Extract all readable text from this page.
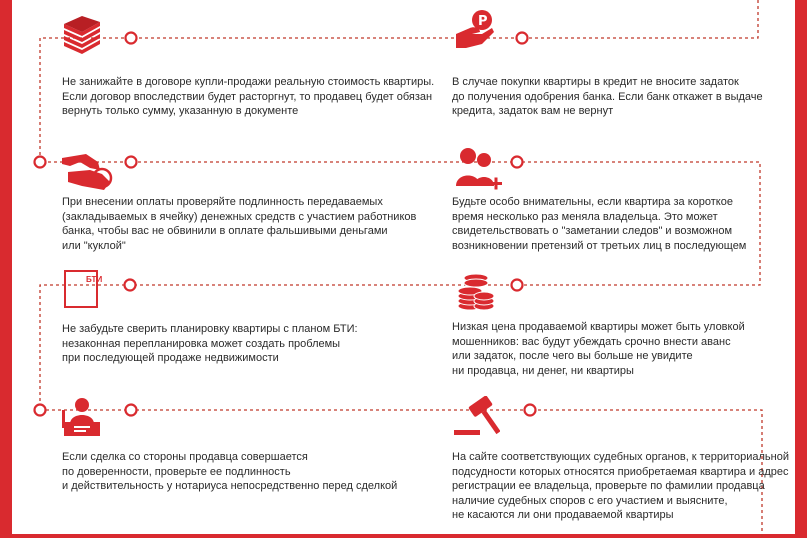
Р
БТИ

Не занижайте в договоре купли-продажи реальную стоимость квартиры.
Если договор впоследствии будет расторгнут, то продавец будет обязан
вернуть только сумму, указанную в документе

В случае покупки квартиры в кредит не вносите задаток
до получения одобрения банка. Если банк откажет в выдаче
кредита, задаток вам не вернут

При внесении оплаты проверяйте подлинность передаваемых
(закладываемых в ячейку) денежных средств с участием работников
банка, чтобы вас не обвинили в оплате фальшивыми деньгами
или "куклой"

Будьте особо внимательны, если квартира за короткое
время несколько раз меняла владельца. Это может
свидетельствовать о "заметании следов" и возможном
возникновении претензий от третьих лиц в последующем

Не забудьте сверить планировку квартиры с планом БТИ:
незаконная перепланировка может создать проблемы
при последующей продаже недвижимости

Низкая цена продаваемой квартиры может быть уловкой
мошенников: вас будут убеждать срочно внести аванс
или задаток, после чего вы больше не увидите
ни продавца, ни денег, ни квартиры

Если сделка со стороны продавца совершается
по доверенности, проверьте ее подлинность
и действительность у нотариуса непосредственно перед сделкой

На сайте соответствующих судебных органов, к территориальной
подсудности которых относятся приобретаемая квартира и адрес
регистрации ее владельца, проверьте по фамилии продавца
наличие судебных споров с его участием и выясните,
не касаются ли они продаваемой квартиры
